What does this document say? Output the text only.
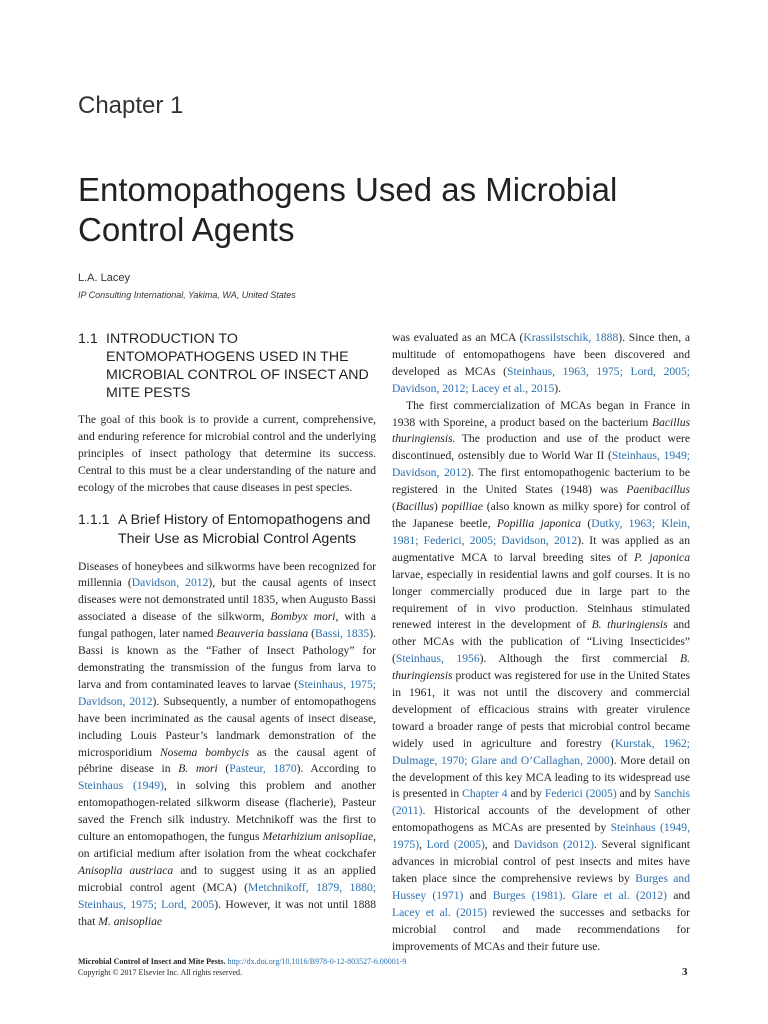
Chapter 1
Entomopathogens Used as Microbial Control Agents
L.A. Lacey
IP Consulting International, Yakima, WA, United States
1.1 INTRODUCTION TO ENTOMOPATHOGENS USED IN THE MICROBIAL CONTROL OF INSECT AND MITE PESTS

The goal of this book is to provide a current, comprehensive, and enduring reference for microbial control and the underlying principles of insect pathology that determine its success. Central to this must be a clear understanding of the nature and ecology of the microbes that cause diseases in pest species.

1.1.1 A Brief History of Entomopathogens and Their Use as Microbial Control Agents

Diseases of honeybees and silkworms have been recognized for millennia (Davidson, 2012), but the causal agents of insect diseases were not demonstrated until 1835, when Augusto Bassi associated a disease of the silkworm, Bombyx mori, with a fungal pathogen, later named Beauveria bassiana (Bassi, 1835). Bassi is known as the “Father of Insect Pathology” for demonstrating the transmission of the fungus from larva to larva and from contaminated leaves to larvae (Steinhaus, 1975; Davidson, 2012). Subsequently, a number of entomopathogens have been incriminated as the causal agents of insect disease, including Louis Pasteur’s landmark demonstration of the microsporidium Nosema bombycis as the causal agent of pébrine disease in B. mori (Pasteur, 1870). According to Steinhaus (1949), in solving this problem and another entomopathogen-related silkworm disease (flacherie), Pasteur saved the French silk industry. Metchnikoff was the first to culture an entomopathogen, the fungus Metarhizium anisopliae, on artificial medium after isolation from the wheat cockchafer Anisoplia austriaca and to suggest using it as an applied microbial control agent (MCA) (Metchnikoff, 1879, 1880; Steinhaus, 1975; Lord, 2005). However, it was not until 1888 that M. anisopliae

was evaluated as an MCA (Krassilstschik, 1888). Since then, a multitude of entomopathogens have been discovered and developed as MCAs (Steinhaus, 1963, 1975; Lord, 2005; Davidson, 2012; Lacey et al., 2015).

The first commercialization of MCAs began in France in 1938 with Sporeine, a product based on the bacterium Bacillus thuringiensis. The production and use of the product were discontinued, ostensibly due to World War II (Steinhaus, 1949; Davidson, 2012). The first entomopathogenic bacterium to be registered in the United States (1948) was Paenibacillus (Bacillus) popilliae (also known as milky spore) for control of the Japanese beetle, Popillia japonica (Dutky, 1963; Klein, 1981; Federici, 2005; Davidson, 2012). It was applied as an augmentative MCA to larval breeding sites of P. japonica larvae, especially in residential lawns and golf courses. It is no longer commercially produced due in large part to the requirement of in vivo production. Steinhaus stimulated renewed interest in the development of B. thuringiensis and other MCAs with the publication of “Living Insecticides” (Steinhaus, 1956). Although the first commercial B. thuringiensis product was registered for use in the United States in 1961, it was not until the discovery and commercial development of efficacious strains with greater virulence toward a broader range of pests that microbial control became widely used in agriculture and forestry (Kurstak, 1962; Dulmage, 1970; Glare and O’Callaghan, 2000). More detail on the development of this key MCA leading to its widespread use is presented in Chapter 4 and by Federici (2005) and by Sanchis (2011). Historical accounts of the development of other entomopathogens as MCAs are presented by Steinhaus (1949, 1975), Lord (2005), and Davidson (2012). Several significant advances in microbial control of pest insects and mites have taken place since the comprehensive reviews by Burges and Hussey (1971) and Burges (1981). Glare et al. (2012) and Lacey et al. (2015) reviewed the successes and setbacks for microbial control and made recommendations for improvements of MCAs and their future use.

Microbial Control of Insect and Mite Pests. http://dx.doi.org/10.1016/B978-0-12-803527-6.00001-9
Copyright © 2017 Elsevier Inc. All rights reserved.	3
